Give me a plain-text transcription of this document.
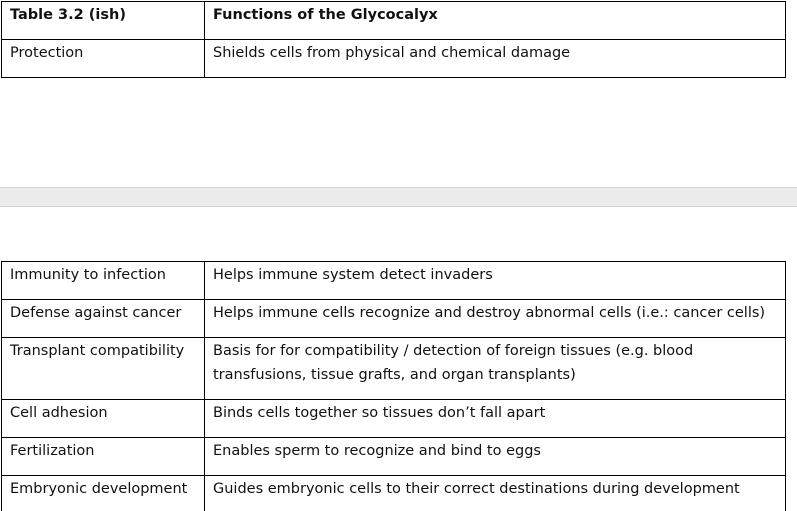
Table 3.2 (ish)	Functions of the Glycocalyx
Protection	Shields cells from physical and chemical damage
Immunity to infection	Helps immune system detect invaders
Defense against cancer	Helps immune cells recognize and destroy abnormal cells (i.e.: cancer cells)
Transplant compatibility	Basis for for compatibility / detection of foreign tissues (e.g. blood transfusions, tissue grafts, and organ transplants)
Cell adhesion	Binds cells together so tissues don’t fall apart
Fertilization	Enables sperm to recognize and bind to eggs
Embryonic development	Guides embryonic cells to their correct destinations during development
